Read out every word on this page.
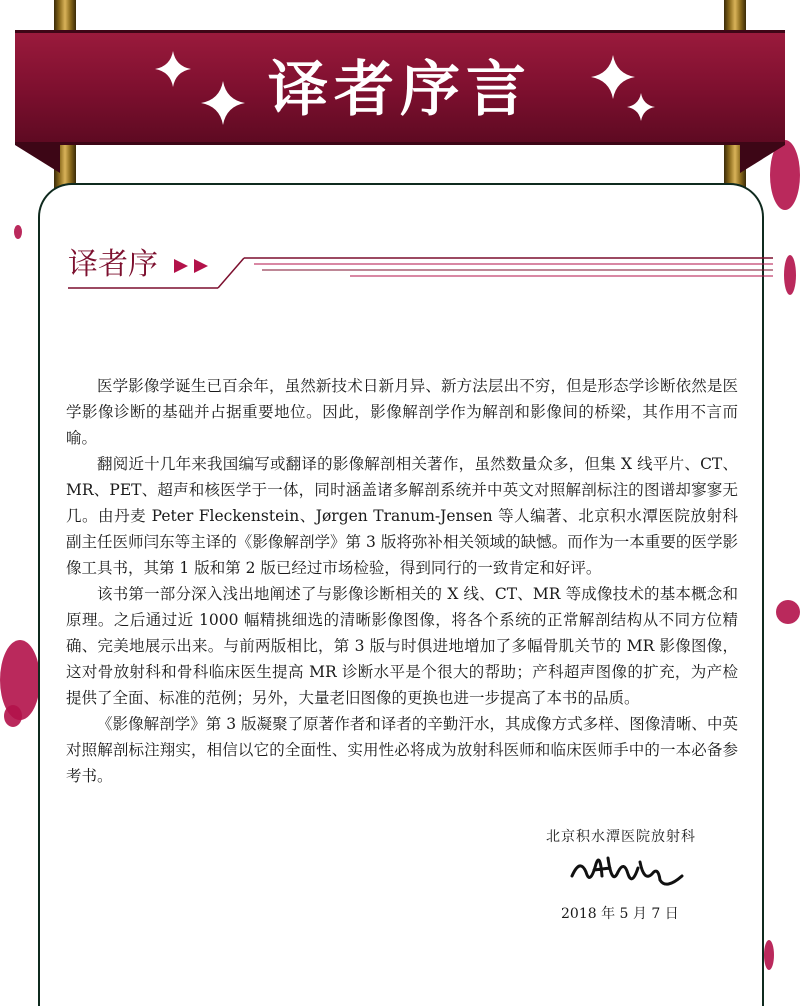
译者序言
译者序

医学影像学诞生已百余年，虽然新技术日新月异、新方法层出不穷，但是形态学诊断依然是医学影像诊断的基础并占据重要地位。因此，影像解剖学作为解剖和影像间的桥梁，其作用不言而喻。

翻阅近十几年来我国编写或翻译的影像解剖相关著作，虽然数量众多，但集 X 线平片、CT、MR、PET、超声和核医学于一体，同时涵盖诸多解剖系统并中英文对照解剖标注的图谱却寥寥无几。由丹麦 Peter Fleckenstein、Jørgen Tranum-Jensen 等人编著、北京积水潭医院放射科副主任医师闫东等主译的《影像解剖学》第 3 版将弥补相关领域的缺憾。而作为一本重要的医学影像工具书，其第 1 版和第 2 版已经过市场检验，得到同行的一致肯定和好评。

该书第一部分深入浅出地阐述了与影像诊断相关的 X 线、CT、MR 等成像技术的基本概念和原理。之后通过近 1000 幅精挑细选的清晰影像图像，将各个系统的正常解剖结构从不同方位精确、完美地展示出来。与前两版相比，第 3 版与时俱进地增加了多幅骨肌关节的 MR 影像图像，这对骨放射科和骨科临床医生提高 MR 诊断水平是个很大的帮助；产科超声图像的扩充，为产检提供了全面、标准的范例；另外，大量老旧图像的更换也进一步提高了本书的品质。

《影像解剖学》第 3 版凝聚了原著作者和译者的辛勤汗水，其成像方式多样、图像清晰、中英对照解剖标注翔实，相信以它的全面性、实用性必将成为放射科医师和临床医师手中的一本必备参考书。

北京积水潭医院放射科
2018 年 5 月 7 日
